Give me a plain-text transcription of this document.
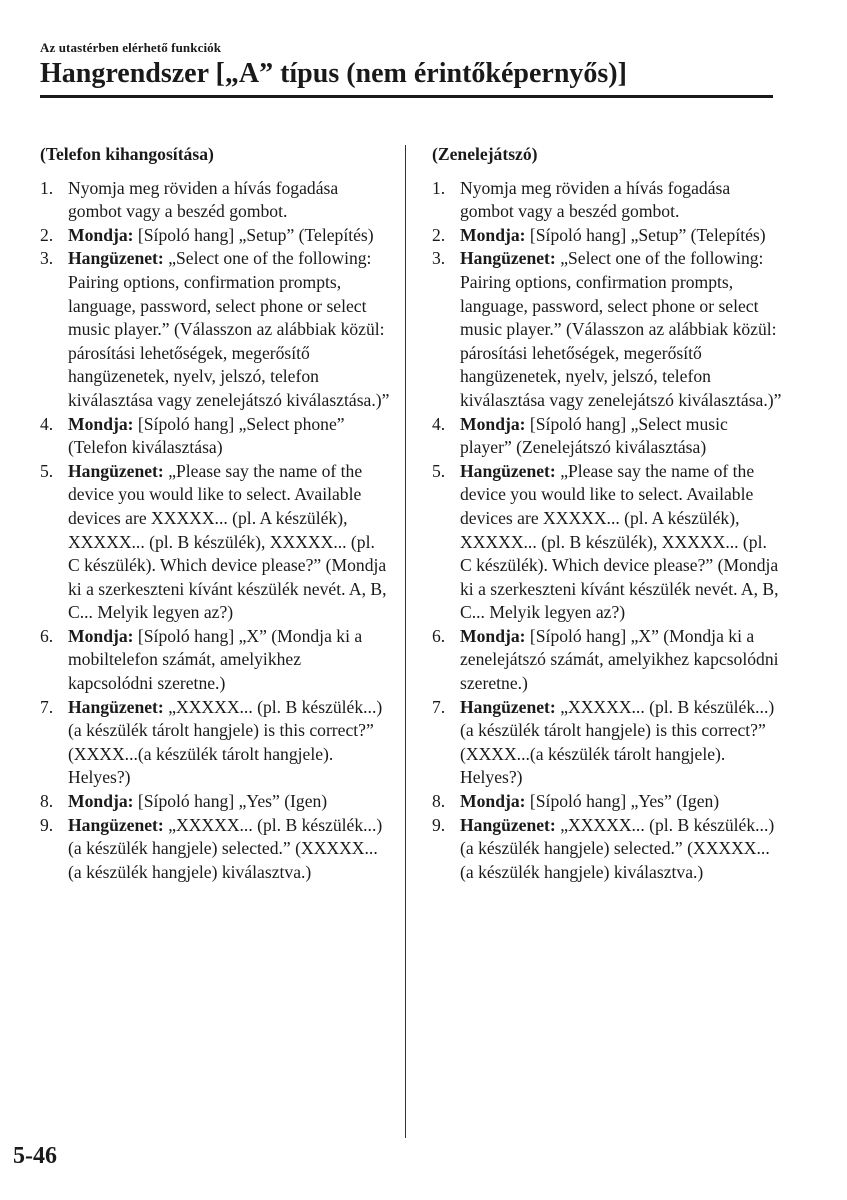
Az utastérben elérhető funkciók
Hangrendszer [„A” típus (nem érintőképernyős)]
(Telefon kihangosítása)
1. Nyomja meg röviden a hívás fogadása gombot vagy a beszéd gombot.
2. Mondja: [Sípoló hang] „Setup” (Telepítés)
3. Hangüzenet: „Select one of the following: Pairing options, confirmation prompts, language, password, select phone or select music player.” (Válasszon az alábbiak közül: párosítási lehetőségek, megerősítő hangüzenetek, nyelv, jelszó, telefon kiválasztása vagy zenelejátszó kiválasztása.)”
4. Mondja: [Sípoló hang] „Select phone” (Telefon kiválasztása)
5. Hangüzenet: „Please say the name of the device you would like to select. Available devices are XXXXX... (pl. A készülék), XXXXX... (pl. B készülék), XXXXX... (pl. C készülék). Which device please?” (Mondja ki a szerkeszteni kívánt készülék nevét. A, B, C... Melyik legyen az?)
6. Mondja: [Sípoló hang] „X” (Mondja ki a mobiltelefon számát, amelyikhez kapcsolódni szeretne.)
7. Hangüzenet: „XXXXX... (pl. B készülék...) (a készülék tárolt hangjele) is this correct?” (XXXX...(a készülék tárolt hangjele). Helyes?)
8. Mondja: [Sípoló hang] „Yes” (Igen)
9. Hangüzenet: „XXXXX... (pl. B készülék...) (a készülék hangjele) selected.” (XXXXX...(a készülék hangjele) kiválasztva.)
(Zenelejátszó)
1. Nyomja meg röviden a hívás fogadása gombot vagy a beszéd gombot.
2. Mondja: [Sípoló hang] „Setup” (Telepítés)
3. Hangüzenet: „Select one of the following: Pairing options, confirmation prompts, language, password, select phone or select music player.” (Válasszon az alábbiak közül: párosítási lehetőségek, megerősítő hangüzenetek, nyelv, jelszó, telefon kiválasztása vagy zenelejátszó kiválasztása.)”
4. Mondja: [Sípoló hang] „Select music player” (Zenelejátszó kiválasztása)
5. Hangüzenet: „Please say the name of the device you would like to select. Available devices are XXXXX... (pl. A készülék), XXXXX... (pl. B készülék), XXXXX... (pl. C készülék). Which device please?” (Mondja ki a szerkeszteni kívánt készülék nevét. A, B, C... Melyik legyen az?)
6. Mondja: [Sípoló hang] „X” (Mondja ki a zenelejátszó számát, amelyikhez kapcsolódni szeretne.)
7. Hangüzenet: „XXXXX... (pl. B készülék...) (a készülék tárolt hangjele) is this correct?” (XXXX...(a készülék tárolt hangjele). Helyes?)
8. Mondja: [Sípoló hang] „Yes” (Igen)
9. Hangüzenet: „XXXXX... (pl. B készülék...) (a készülék hangjele) selected.” (XXXXX...(a készülék hangjele) kiválasztva.)
5-46
